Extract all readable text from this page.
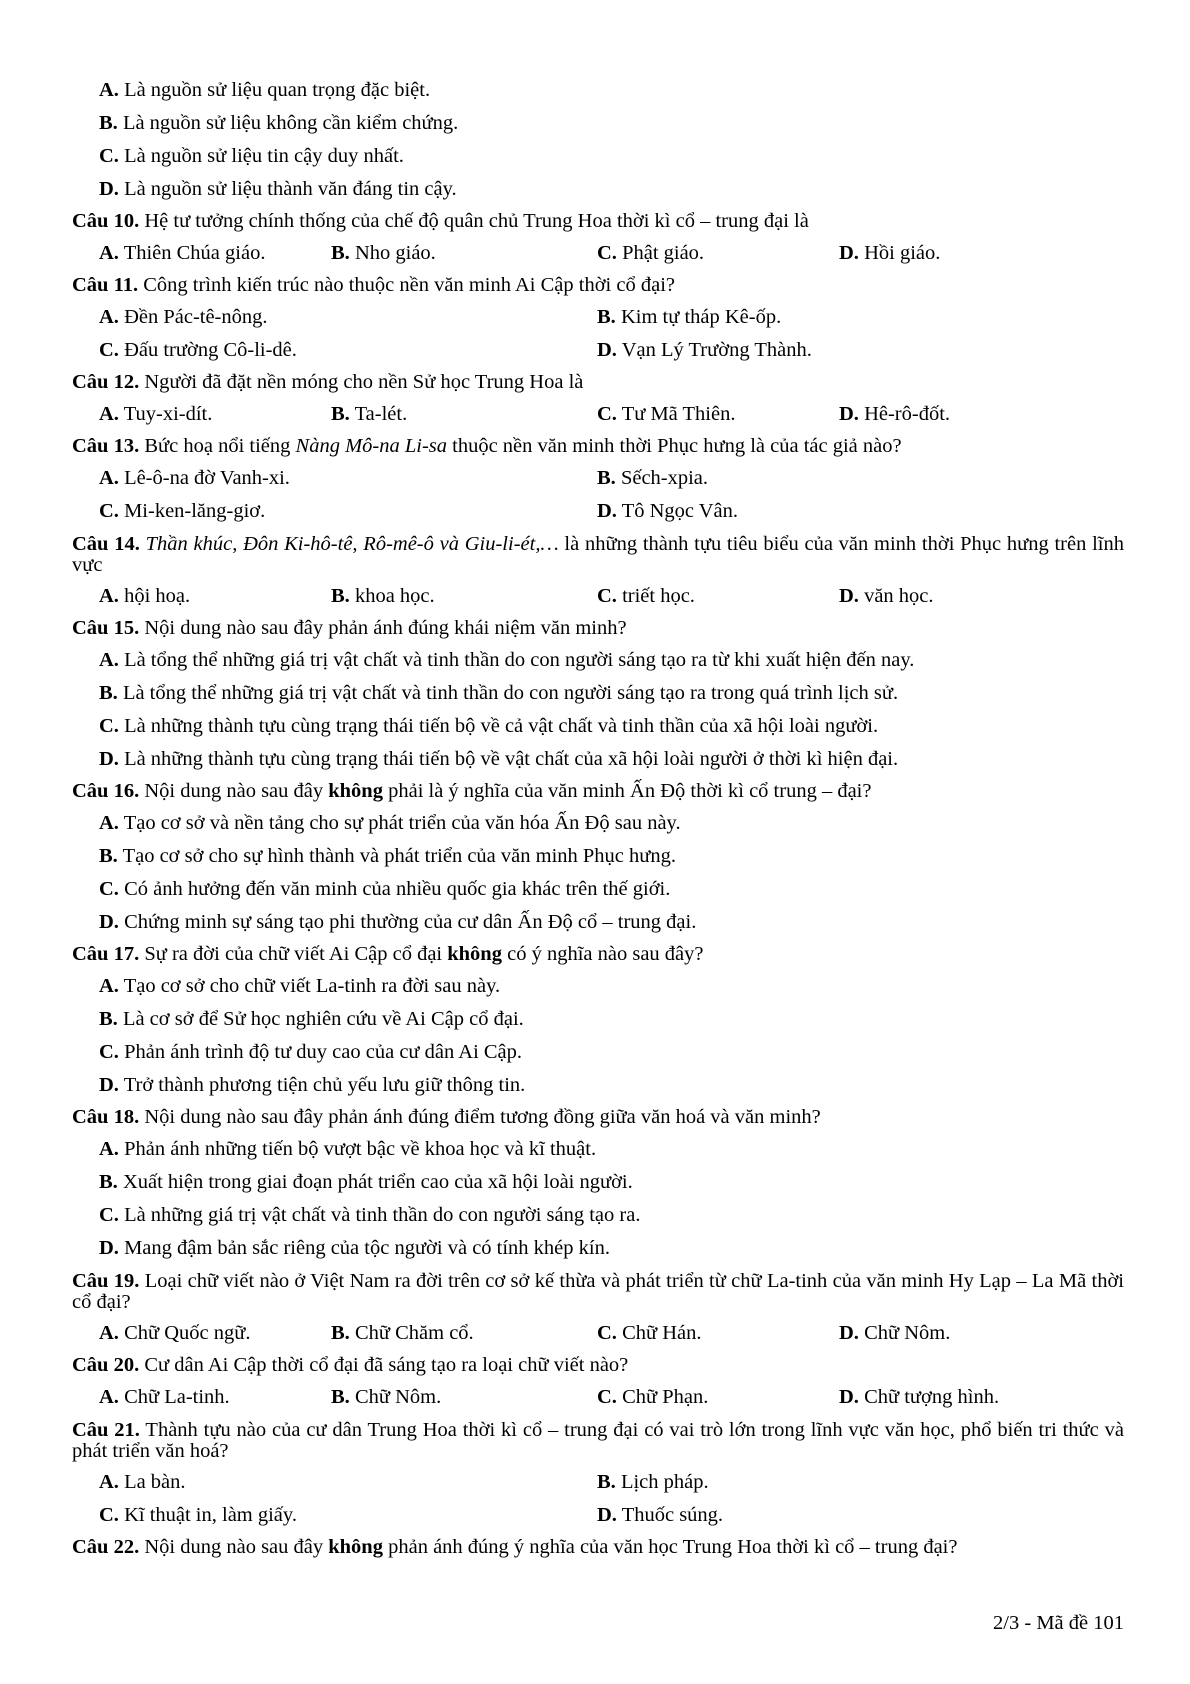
A. Là nguồn sử liệu quan trọng đặc biệt.
B. Là nguồn sử liệu không cần kiểm chứng.
C. Là nguồn sử liệu tin cậy duy nhất.
D. Là nguồn sử liệu thành văn đáng tin cậy.
Câu 10. Hệ tư tưởng chính thống của chế độ quân chủ Trung Hoa thời kì cổ – trung đại là
A. Thiên Chúa giáo.	B. Nho giáo.	C. Phật giáo.	D. Hồi giáo.
Câu 11. Công trình kiến trúc nào thuộc nền văn minh Ai Cập thời cổ đại?
A. Đền Pác-tê-nông.	B. Kim tự tháp Kê-ốp.
C. Đấu trường Cô-li-dê.	D. Vạn Lý Trường Thành.
Câu 12. Người đã đặt nền móng cho nền Sử học Trung Hoa là
A. Tuy-xi-dít.	B. Ta-lét.	C. Tư Mã Thiên.	D. Hê-rô-đốt.
Câu 13. Bức hoạ nổi tiếng Nàng Mô-na Li-sa thuộc nền văn minh thời Phục hưng là của tác giả nào?
A. Lê-ô-na đờ Vanh-xi.	B. Sếch-xpia.
C. Mi-ken-lăng-giơ.	D. Tô Ngọc Vân.
Câu 14. Thần khúc, Đôn Ki-hô-tê, Rô-mê-ô và Giu-li-ét,… là những thành tựu tiêu biểu của văn minh thời Phục hưng trên lĩnh vực
A. hội hoạ.	B. khoa học.	C. triết học.	D. văn học.
Câu 15. Nội dung nào sau đây phản ánh đúng khái niệm văn minh?
A. Là tổng thể những giá trị vật chất và tinh thần do con người sáng tạo ra từ khi xuất hiện đến nay.
B. Là tổng thể những giá trị vật chất và tinh thần do con người sáng tạo ra trong quá trình lịch sử.
C. Là những thành tựu cùng trạng thái tiến bộ về cả vật chất và tinh thần của xã hội loài người.
D. Là những thành tựu cùng trạng thái tiến bộ về vật chất của xã hội loài người ở thời kì hiện đại.
Câu 16. Nội dung nào sau đây không phải là ý nghĩa của văn minh Ấn Độ thời kì cổ trung – đại?
A. Tạo cơ sở và nền tảng cho sự phát triển của văn hóa Ấn Độ sau này.
B. Tạo cơ sở cho sự hình thành và phát triển của văn minh Phục hưng.
C. Có ảnh hưởng đến văn minh của nhiều quốc gia khác trên thế giới.
D. Chứng minh sự sáng tạo phi thường của cư dân Ấn Độ cổ – trung đại.
Câu 17. Sự ra đời của chữ viết Ai Cập cổ đại không có ý nghĩa nào sau đây?
A. Tạo cơ sở cho chữ viết La-tinh ra đời sau này.
B. Là cơ sở để Sử học nghiên cứu về Ai Cập cổ đại.
C. Phản ánh trình độ tư duy cao của cư dân Ai Cập.
D. Trở thành phương tiện chủ yếu lưu giữ thông tin.
Câu 18. Nội dung nào sau đây phản ánh đúng điểm tương đồng giữa văn hoá và văn minh?
A. Phản ánh những tiến bộ vượt bậc về khoa học và kĩ thuật.
B. Xuất hiện trong giai đoạn phát triển cao của xã hội loài người.
C. Là những giá trị vật chất và tinh thần do con người sáng tạo ra.
D. Mang đậm bản sắc riêng của tộc người và có tính khép kín.
Câu 19. Loại chữ viết nào ở Việt Nam ra đời trên cơ sở kế thừa và phát triển từ chữ La-tinh của văn minh Hy Lạp – La Mã thời cổ đại?
A. Chữ Quốc ngữ.	B. Chữ Chăm cổ.	C. Chữ Hán.	D. Chữ Nôm.
Câu 20. Cư dân Ai Cập thời cổ đại đã sáng tạo ra loại chữ viết nào?
A. Chữ La-tinh.	B. Chữ Nôm.	C. Chữ Phạn.	D. Chữ tượng hình.
Câu 21. Thành tựu nào của cư dân Trung Hoa thời kì cổ – trung đại có vai trò lớn trong lĩnh vực văn học, phổ biến tri thức và phát triển văn hoá?
A. La bàn.	B. Lịch pháp.
C. Kĩ thuật in, làm giấy.	D. Thuốc súng.
Câu 22. Nội dung nào sau đây không phản ánh đúng ý nghĩa của văn học Trung Hoa thời kì cổ – trung đại?
2/3 - Mã đề 101
